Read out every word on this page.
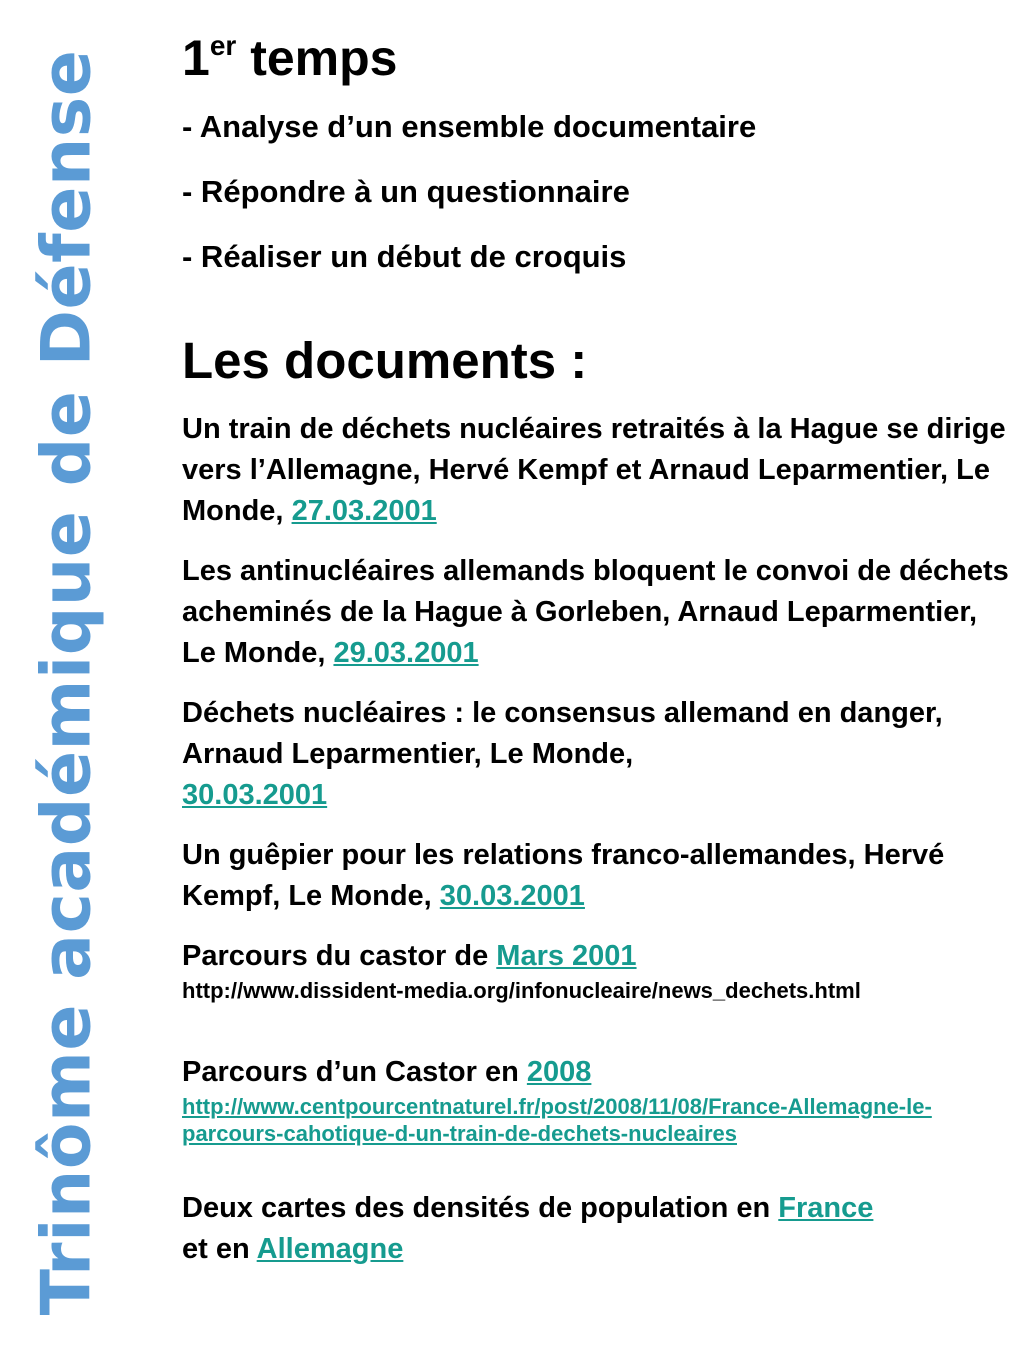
Trinôme académique de Défense 1er temps

- Analyse d’un ensemble documentaire

- Répondre à un questionnaire

- Réaliser un début de croquis

Les documents :

Un train de déchets nucléaires retraités à la Hague se dirige vers l’Allemagne, Hervé Kempf et Arnaud Leparmentier, Le Monde, 27.03.2001

Les antinucléaires allemands bloquent le convoi de déchets acheminés de la Hague à Gorleben, Arnaud Leparmentier, Le Monde, 29.03.2001

Déchets nucléaires : le consensus allemand en danger, Arnaud Leparmentier, Le Monde,
30.03.2001

Un guêpier pour les relations franco-allemandes, Hervé Kempf, Le Monde, 30.03.2001

Parcours du castor de Mars 2001

http://www.dissident-media.org/infonucleaire/news_dechets.html

Parcours d’un Castor en 2008
http://www.centpourcentnaturel.fr/post/2008/11/08/France-Allemagne-le-parcours-cahotique-d-un-train-de-dechets-nucleaires

Deux cartes des densités de population en France
et en Allemagne
